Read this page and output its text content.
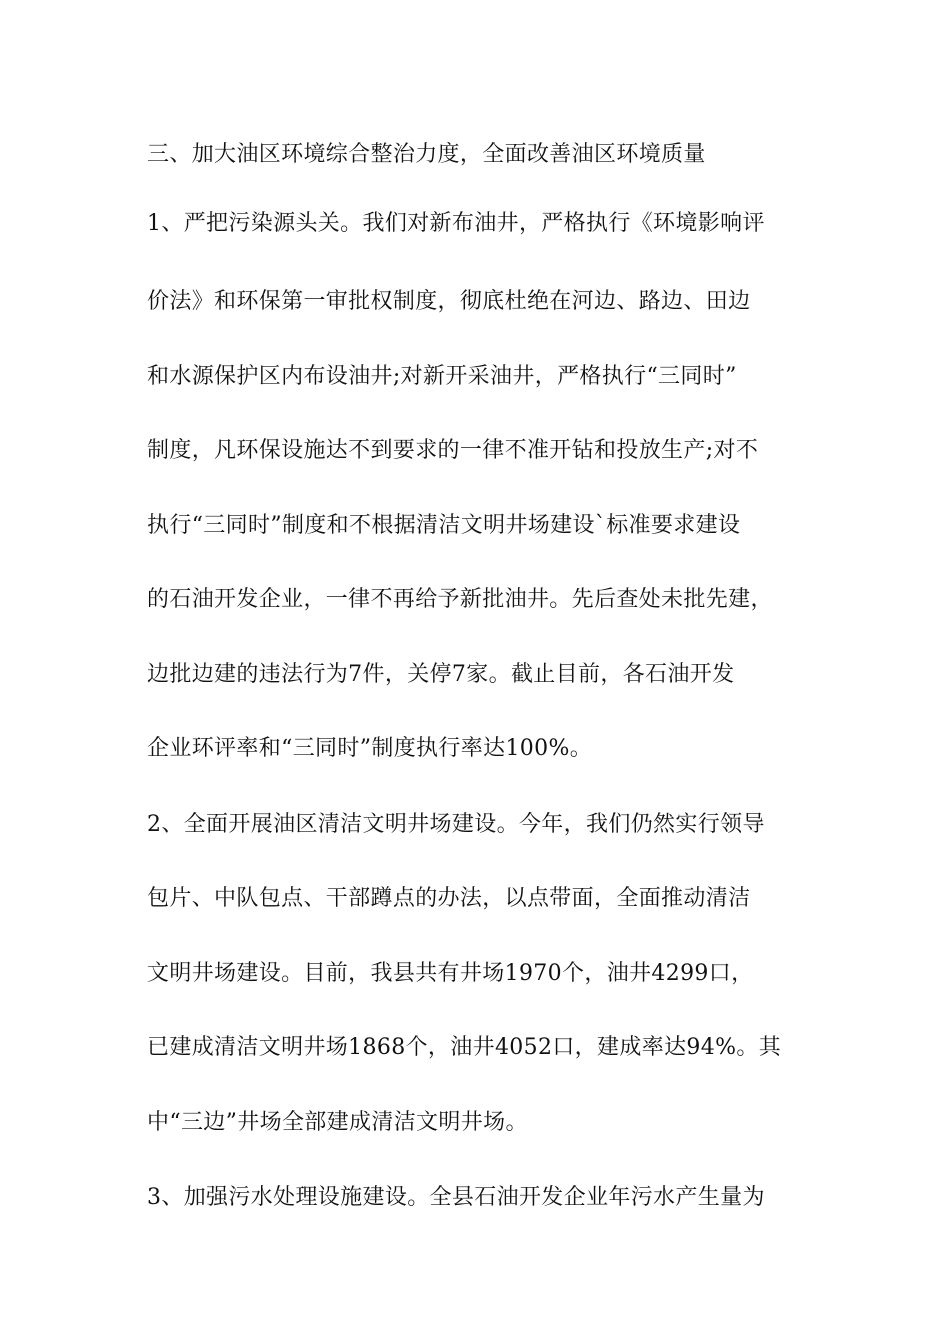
三、加大油区环境综合整治力度，全面改善油区环境质量
1、严把污染源头关。我们对新布油井，严格执行《环境影响评
价法》和环保第一审批权制度，彻底杜绝在河边、路边、田边
和水源保护区内布设油井;对新开采油井，严格执行“三同时”
制度，凡环保设施达不到要求的一律不准开钻和投放生产;对不
执行“三同时”制度和不根据清洁文明井场建设`标准要求建设
的石油开发企业，一律不再给予新批油井。先后查处未批先建，
边批边建的违法行为7件，关停7家。截止目前，各石油开发
企业环评率和“三同时”制度执行率达100%。
2、全面开展油区清洁文明井场建设。今年，我们仍然实行领导
包片、中队包点、干部蹲点的办法，以点带面，全面推动清洁
文明井场建设。目前，我县共有井场1970个，油井4299口，
已建成清洁文明井场1868个，油井4052口，建成率达94%。其
中“三边”井场全部建成清洁文明井场。
3、加强污水处理设施建设。全县石油开发企业年污水产生量为
